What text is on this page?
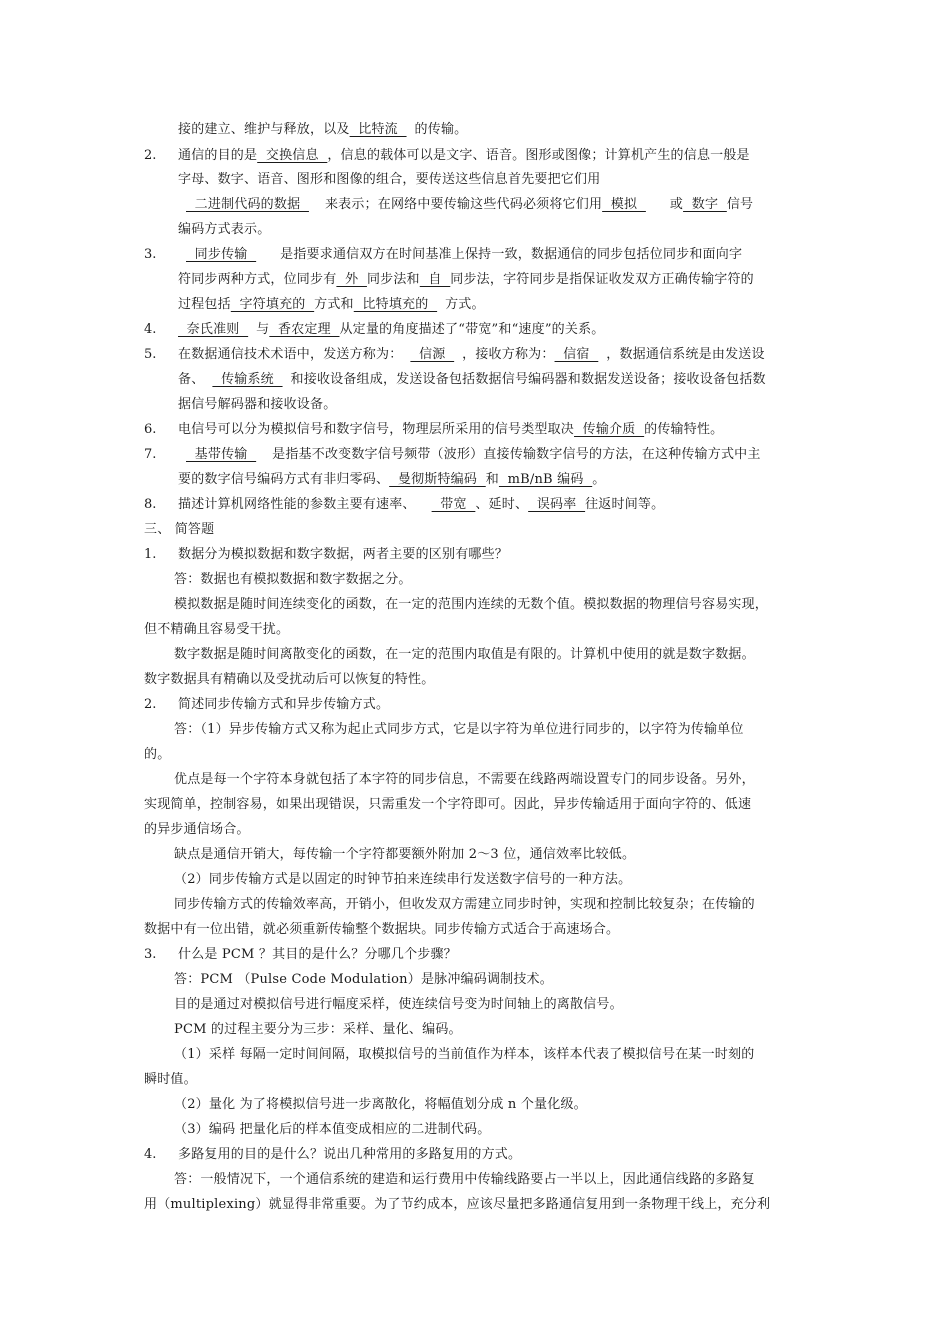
接的建立、维护与释放，以及  比特流  的传输。
2. 通信的目的是  交换信息  ，信息的载体可以是文字、语音。图形或图像；计算机产生的信息一般是
字母、数字、语音、图形和图像的组合，要传送这些信息首先要把它们用
二进制代码的数据  来表示；在网络中要传输这些代码必须将它们用  模拟  或  数字  信号
编码方式表示。
3.	同步传输  是指要求通信双方在时间基准上保持一致，数据通信的同步包括位同步和面向字
符同步两种方式，位同步有  外  同步法和  自  同步法，字符同步是指保证收发双方正确传输字符的
过程包括  字符填充的  方式和  比特填充的  方式。
4. 奈氏准则  与  香农定理  从定量的角度描述了“带宽”和“速度”的关系。
5. 在数据通信技术术语中，发送方称为：  信源  ，接收方称为：  信宿  ，数据通信系统是由发送设
备、  传输系统  和接收设备组成，发送设备包括数据信号编码器和数据发送设备；接收设备包括数
据信号解码器和接收设备。
6. 电信号可以分为模拟信号和数字信号，物理层所采用的信号类型取决  传输介质  的传输特性。
7.	基带传输  是指基不改变数字信号频带（波形）直接传输数字信号的方法，在这种传输方式中主
要的数字信号编码方式有非归零码、  曼彻斯特编码  和  mB/nB 编码  。
8. 描述计算机网络性能的参数主要有速率、  带宽  、延时、  误码率  往返时间等。
三、 简答题
1. 数据分为模拟数据和数字数据，两者主要的区别有哪些？
答：数据也有模拟数据和数字数据之分。
模拟数据是随时间连续变化的函数，在一定的范围内连续的无数个值。模拟数据的物理信号容易实现，
但不精确且容易受干扰。
数字数据是随时间离散变化的函数，在一定的范围内取值是有限的。计算机中使用的就是数字数据。
数字数据具有精确以及受扰动后可以恢复的特性。
2. 简述同步传输方式和异步传输方式。
答：（1）异步传输方式又称为起止式同步方式，它是以字符为单位进行同步的，以字符为传输单位
的。
优点是每一个字符本身就包括了本字符的同步信息，不需要在线路两端设置专门的同步设备。另外，
实现简单，控制容易，如果出现错误，只需重发一个字符即可。因此，异步传输适用于面向字符的、低速
的异步通信场合。
缺点是通信开销大，每传输一个字符都要额外附加 2～3 位，通信效率比较低。
（2）同步传输方式是以固定的时钟节拍来连续串行发送数字信号的一种方法。
同步传输方式的传输效率高，开销小，但收发双方需建立同步时钟，实现和控制比较复杂；在传输的
数据中有一位出错，就必须重新传输整个数据块。同步传输方式适合于高速场合。
3. 什么是 PCM ？其目的是什么？分哪几个步骤？
答：PCM （Pulse Code Modulation）是脉冲编码调制技术。
目的是通过对模拟信号进行幅度采样，使连续信号变为时间轴上的离散信号。
PCM 的过程主要分为三步：采样、量化、编码。
（1）采样 每隔一定时间间隔，取模拟信号的当前值作为样本，该样本代表了模拟信号在某一时刻的
瞬时值。
（2）量化 为了将模拟信号进一步离散化，将幅值划分成 n 个量化级。
（3）编码 把量化后的样本值变成相应的二进制代码。
4. 多路复用的目的是什么？说出几种常用的多路复用的方式。
答：一般情况下，一个通信系统的建造和运行费用中传输线路要占一半以上，因此通信线路的多路复
用（multiplexing）就显得非常重要。为了节约成本，应该尽量把多路通信复用到一条物理干线上，充分利
